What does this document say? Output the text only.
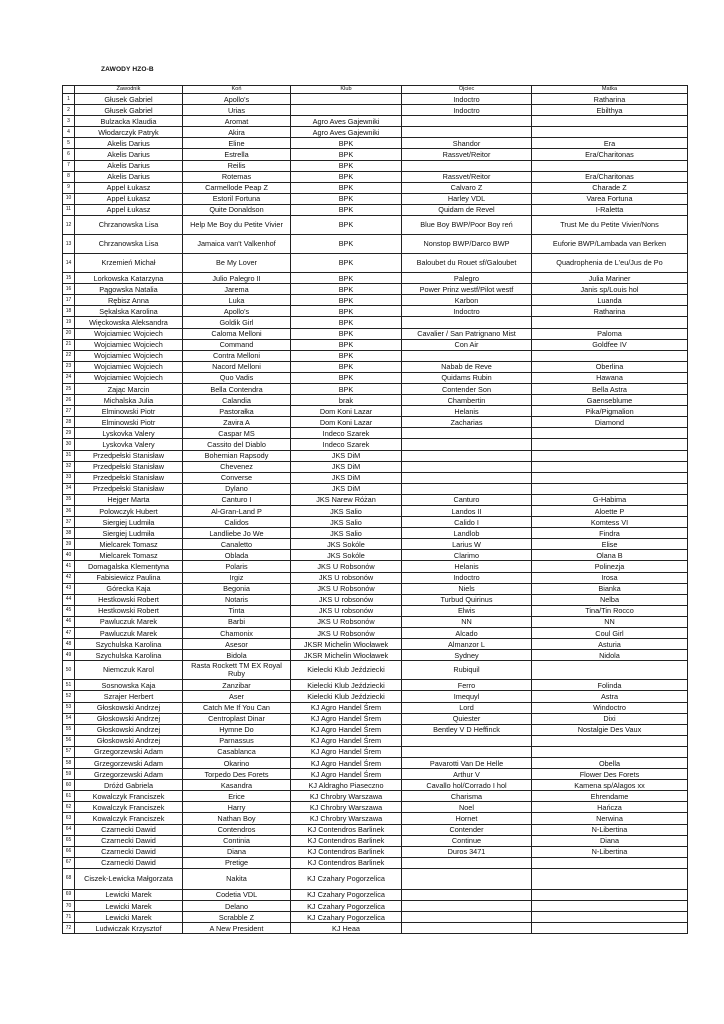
ZAWODY HZO-B
	Zawodnik	Koń	Klub	Ojciec	Matka
1	Głusek Gabriel	Apollo's		Indoctro	Ratharina
2	Głusek Gabriel	Urias		Indoctro	Ebilthya
3	Bulzacka Klaudia	Aromat	Agro Aves Gajewniki		
4	Włodarczyk Patryk	Akira	Agro Aves Gajewniki		
5	Akelis Darius	Eline	BPK	Shandor	Era
6	Akelis Darius	Estrella	BPK	Rassvet/Reitor	Era/Charitonas
7	Akelis Darius	Reilis	BPK		
8	Akelis Darius	Rotemas	BPK	Rassvet/Reitor	Era/Charitonas
9	Appel Łukasz	Carmellode Peap Z	BPK	Calvaro Z	Charade Z
10	Appel Łukasz	Estoril Fortuna	BPK	Harley VDL	Varea Fortuna
11	Appel Łukasz	Quite Donaldson	BPK	Quidam de Revel	I-Raletta
12	Chrzanowska Lisa	Help Me Boy du Petite Vivier	BPK	Blue Boy BWP/Poor Boy reń	Trust Me du Petite Vivier/Nons
13	Chrzanowska Lisa	Jamaica van't Valkenhof	BPK	Nonstop BWP/Darco BWP	Euforie BWP/Lambada van Berken
14	Krzemień Michał	Be My Lover	BPK	Baloubet du Rouet sf/Galoubet	Quadrophenia de L'eu/Jus de Po
15	Lorkowska Katarzyna	Julio Palegro II	BPK	Palegro	Julia Mariner
16	Pągowska Natalia	Jarema	BPK	Power Prinz westf/Pilot westf	Janis sp/Louis hol
17	Rębisz Anna	Luka	BPK	Karbon	Luanda
18	Sękalska Karolina	Apollo's	BPK	Indoctro	Ratharina
19	Więckowska Aleksandra	Goldik Girl	BPK		
20	Wojciamiec Wojciech	Caloma Melloni	BPK	Cavalier / San Patrignano Mist	Paloma
21	Wojciamiec Wojciech	Command	BPK	Con Air	Goldfee IV
22	Wojciamiec Wojciech	Contra Melloni	BPK		
23	Wojciamiec Wojciech	Nacord Melloni	BPK	Nabab de Reve	Oberlina
24	Wojciamiec Wojciech	Quo Vadis	BPK	Quidams Rubin	Hawana
25	Zając Marcin	Bella Contendra	BPK	Contender Son	Bella Astra
26	Michalska Julia	Calandia	brak	Chambertin	Gaenseblume
27	Elminowski Piotr	Pastorałka	Dom Koni Lazar	Helanis	Pika/Pigmalion
28	Elminowski Piotr	Zavira A	Dom Koni Lazar	Zacharias	Diamond
29	Lyskovka Valery	Caspar MS	Indeco Szarek		
30	Lyskovka Valery	Cassito del Diablo	Indeco Szarek		
31	Przedpełski Stanisław	Bohemian Rapsody	JKS DiM		
32	Przedpełski Stanisław	Chevenez	JKS DiM		
33	Przedpełski Stanisław	Converse	JKS DiM		
34	Przedpełski Stanisław	Dylano	JKS DiM		
35	Hejger Marta	Canturo I	JKS Narew Różan	Canturo	G-Habima
36	Polowczyk Hubert	Al-Gran-Land P	JKS Salio	Landos II	Aloette P
37	Siergiej Ludmiła	Calidos	JKS Salio	Calido I	Komtess VI
38	Siergiej Ludmiła	Landliebe Jo We	JKS Salio	Landlob	Findra
39	Mielcarek Tomasz	Canaletto	JKS Sokóle	Larius W	Elise
40	Mielcarek Tomasz	Oblada	JKS Sokóle	Clarimo	Olana B
41	Domagalska Klementyna	Polaris	JKS U Robsonów	Helanis	Polinezja
42	Fabisiewicz Paulina	Irgiz	JKS U robsonów	Indoctro	Irosa
43	Górecka Kaja	Begonia	JKS U Robsonów	Niels	Bianka
44	Hestkowski Robert	Notaris	JKS U robsonów	Turbud Quirinus	Nelba
45	Hestkowski Robert	Tinta	JKS U robsonów	Elwis	Tina/Tin Rocco
46	Pawluczuk Marek	Barbi	JKS U Robsonów	NN	NN
47	Pawluczuk Marek	Chamonix	JKS U Robsonów	Alcado	Coul Girl
48	Szychulska Karolina	Asesor	JKSR Michelin Włocławek	Almanzor L	Asturia
49	Szychulska Karolina	Bidola	JKSR Michelin Włocławek	Sydney	Nidola
50	Niemczuk Karol	Rasta Rockett TM EX Royal Ruby	Kielecki Klub Jeździecki	Rubiquil	
51	Sosnowska Kaja	Zanzibar	Kielecki Klub Jeździecki	Ferro	Folinda
52	Szrajer Herbert	Aser	Kielecki Klub Jeździecki	Imequyl	Astra
53	Głoskowski Andrzej	Catch Me If You Can	KJ Agro Handel Śrem	Lord	Windoctro
54	Głoskowski Andrzej	Centroplast Dinar	KJ Agro Handel Śrem	Quiester	Dixi
55	Głoskowski Andrzej	Hymne Do	KJ Agro Handel Śrem	Bentley V D Heffinck	Nostalgie Des Vaux
56	Głoskowski Andrzej	Parnassus	KJ Agro Handel Śrem		
57	Grzegorzewski Adam	Casablanca	KJ Agro Handel Śrem		
58	Grzegorzewski Adam	Okarino	KJ Agro Handel Śrem	Pavarotti Van De Helle	Obella
59	Grzegorzewski Adam	Torpedo Des Forets	KJ Agro Handel Śrem	Arthur V	Flower Des Forets
60	Dróżd Gabriela	Kasandra	KJ Aldragho Piaseczno	Cavallo hol/Corrado I hol	Kamena sp/Alagos xx
61	Kowalczyk Franciszek	Erice	KJ Chrobry Warszawa	Charisma	Ehrendame
62	Kowalczyk Franciszek	Harry	KJ Chrobry Warszawa	Noel	Hańcza
63	Kowalczyk Franciszek	Nathan Boy	KJ Chrobry Warszawa	Hornet	Nerwina
64	Czarnecki Dawid	Contendros	KJ Contendros Barlinek	Contender	N-Libertina
65	Czarnecki Dawid	Continia	KJ Contendros Barlinek	Continue	Diana
66	Czarnecki Dawid	Diana	KJ Contendros Barlinek	Duros 3471	N-Libertina
67	Czarnecki Dawid	Pretige	KJ Contendros Barlinek		
68	Ciszek-Lewicka Małgorzata	Nakita	KJ Czahary Pogorzelica		
69	Lewicki Marek	Codetia VDL	KJ Czahary Pogorzelica		
70	Lewicki Marek	Delano	KJ Czahary Pogorzelica		
71	Lewicki Marek	Scrabble Z	KJ Czahary Pogorzelica		
72	Ludwiczak Krzysztof	A New President	KJ Heaa		
